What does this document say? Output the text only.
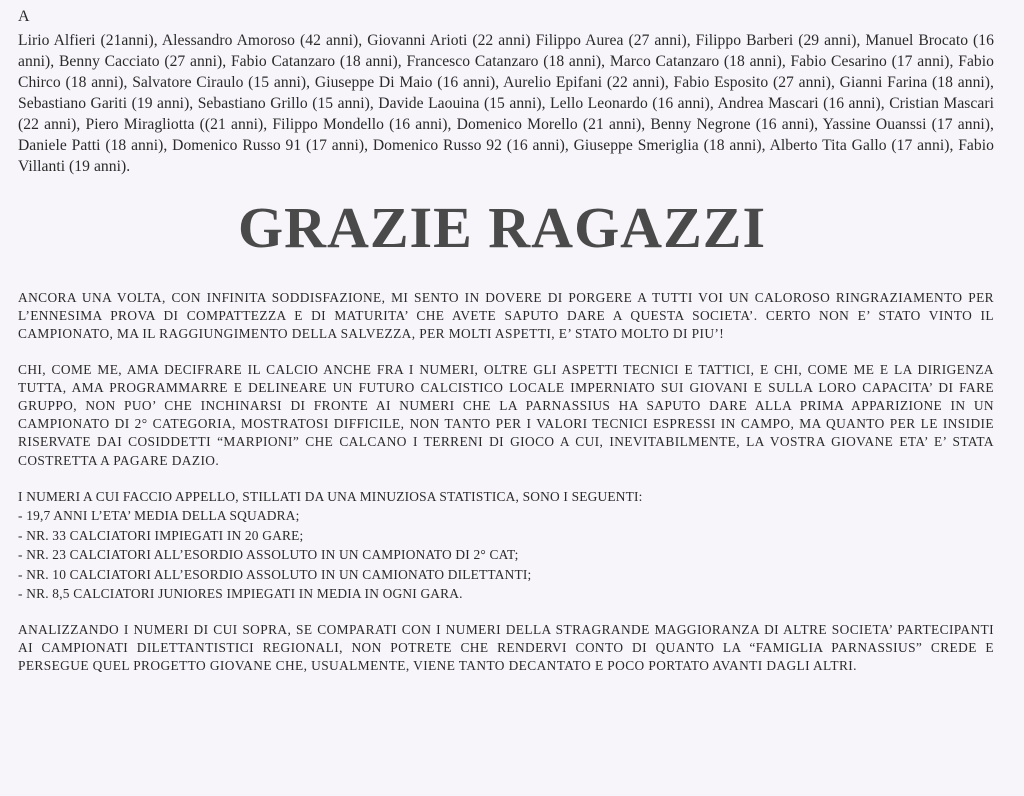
A

Lirio Alfieri (21anni), Alessandro Amoroso (42 anni), Giovanni Arioti (22 anni) Filippo Aurea (27 anni), Filippo Barberi (29 anni), Manuel Brocato (16 anni), Benny Cacciato (27 anni), Fabio Catanzaro (18 anni), Francesco Catanzaro (18 anni), Marco Catanzaro (18 anni), Fabio Cesarino (17 anni), Fabio Chirco (18 anni), Salvatore Ciraulo (15 anni), Giuseppe Di Maio (16 anni), Aurelio Epifani (22 anni), Fabio Esposito (27 anni), Gianni Farina (18 anni), Sebastiano Gariti (19 anni), Sebastiano Grillo (15 anni), Davide Laouina (15 anni), Lello Leonardo (16 anni), Andrea Mascari (16 anni), Cristian Mascari (22 anni), Piero Miragliotta ((21 anni), Filippo Mondello (16 anni), Domenico Morello (21 anni), Benny Negrone (16 anni), Yassine Ouanssi (17 anni), Daniele Patti (18 anni), Domenico Russo 91 (17 anni), Domenico Russo 92 (16 anni), Giuseppe Smeriglia (18 anni), Alberto Tita Gallo (17 anni), Fabio Villanti (19 anni).

GRAZIE RAGAZZI

ANCORA UNA VOLTA, CON INFINITA SODDISFAZIONE, MI SENTO IN DOVERE DI PORGERE A TUTTI VOI UN CALOROSO RINGRAZIAMENTO PER L’ENNESIMA PROVA DI COMPATTEZZA E DI MATURITA’ CHE AVETE SAPUTO DARE A QUESTA SOCIETA’. CERTO NON E’ STATO VINTO IL CAMPIONATO, MA IL RAGGIUNGIMENTO DELLA SALVEZZA, PER MOLTI ASPETTI, E’ STATO MOLTO DI PIU’!

CHI, COME ME, AMA DECIFRARE IL CALCIO ANCHE FRA I NUMERI, OLTRE GLI ASPETTI TECNICI E TATTICI, E CHI, COME ME E LA DIRIGENZA TUTTA, AMA PROGRAMMARRE E DELINEARE UN FUTURO CALCISTICO LOCALE IMPERNIATO SUI GIOVANI E SULLA LORO CAPACITA’ DI FARE GRUPPO, NON PUO’ CHE INCHINARSI DI FRONTE AI NUMERI CHE LA PARNASSIUS HA SAPUTO DARE ALLA PRIMA APPARIZIONE IN UN CAMPIONATO DI 2° CATEGORIA, MOSTRATOSI DIFFICILE, NON TANTO PER I VALORI TECNICI ESPRESSI IN CAMPO, MA QUANTO PER LE INSIDIE RISERVATE DAI COSIDDETTI “MARPIONI” CHE CALCANO I TERRENI DI GIOCO A CUI, INEVITABILMENTE, LA VOSTRA GIOVANE ETA’ E’ STATA COSTRETTA A PAGARE DAZIO.

I NUMERI A CUI FACCIO APPELLO, STILLATI DA UNA MINUZIOSA STATISTICA, SONO I SEGUENTI:

- 19,7 ANNI L’ETA’ MEDIA DELLA SQUADRA;
- NR. 33 CALCIATORI IMPIEGATI IN 20 GARE;
- NR. 23 CALCIATORI ALL’ESORDIO ASSOLUTO IN UN CAMPIONATO DI 2° CAT;
- NR. 10 CALCIATORI ALL’ESORDIO ASSOLUTO IN UN CAMIONATO DILETTANTI;
- NR. 8,5 CALCIATORI JUNIORES IMPIEGATI IN MEDIA IN OGNI GARA.

ANALIZZANDO I NUMERI DI CUI SOPRA, SE COMPARATI CON I NUMERI DELLA STRAGRANDE MAGGIORANZA DI ALTRE SOCIETA’ PARTECIPANTI AI CAMPIONATI DILETTANTISTICI REGIONALI, NON POTRETE CHE RENDERVI CONTO DI QUANTO LA “FAMIGLIA PARNASSIUS” CREDE E PERSEGUE QUEL PROGETTO GIOVANE CHE, USUALMENTE, VIENE TANTO DECANTATO E POCO PORTATO AVANTI DAGLI ALTRI.
